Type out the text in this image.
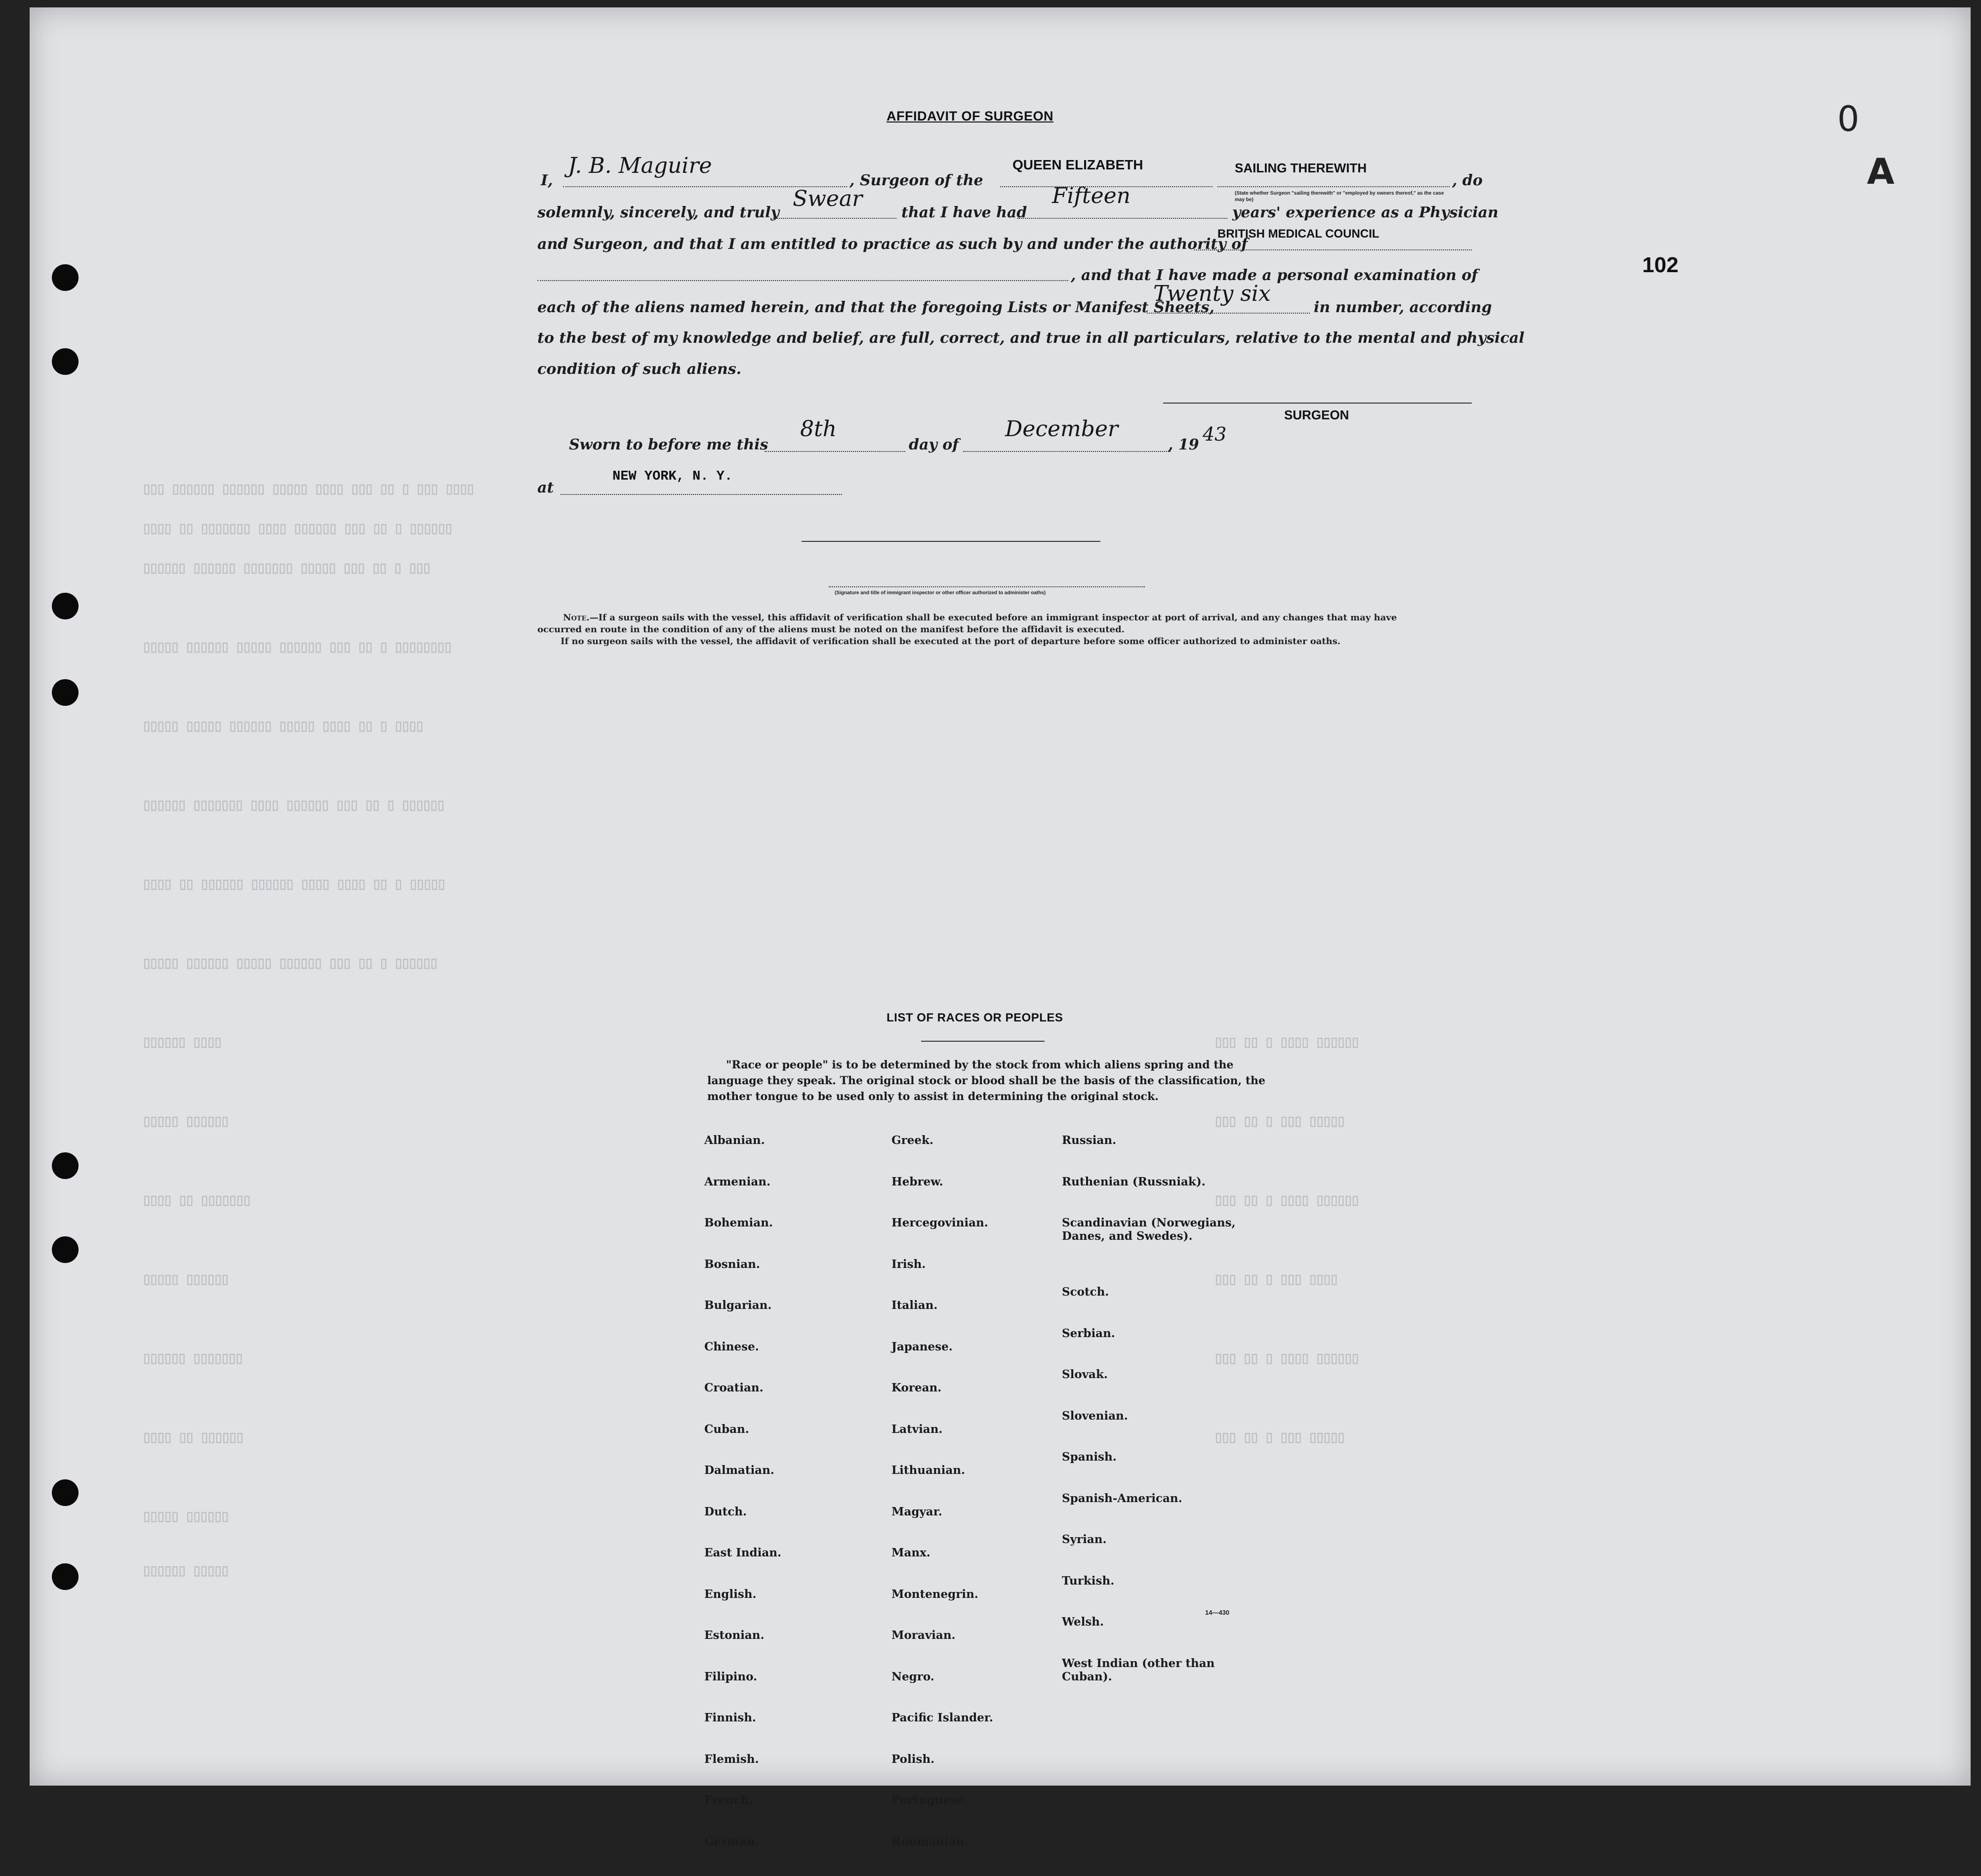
▯▯▯ ▯▯▯▯▯▯ ▯▯▯▯▯▯ ▯▯▯▯▯ ▯▯▯▯ ▯▯▯ ▯▯ ▯ ▯▯▯ ▯▯▯▯
▯▯▯▯ ▯▯ ▯▯▯▯▯▯▯ ▯▯▯▯ ▯▯▯▯▯▯ ▯▯▯ ▯▯ ▯ ▯▯▯▯▯▯
▯▯▯▯▯▯ ▯▯▯▯▯▯ ▯▯▯▯▯▯▯ ▯▯▯▯▯ ▯▯▯ ▯▯ ▯ ▯▯▯
▯▯▯▯▯ ▯▯▯▯▯▯ ▯▯▯▯▯ ▯▯▯▯▯▯ ▯▯▯ ▯▯ ▯ ▯▯▯▯▯▯▯▯
▯▯▯▯▯ ▯▯▯▯▯ ▯▯▯▯▯▯ ▯▯▯▯▯ ▯▯▯▯ ▯▯ ▯ ▯▯▯▯
▯▯▯▯▯▯ ▯▯▯▯▯▯▯ ▯▯▯▯ ▯▯▯▯▯▯ ▯▯▯ ▯▯ ▯ ▯▯▯▯▯▯
▯▯▯▯ ▯▯ ▯▯▯▯▯▯ ▯▯▯▯▯▯ ▯▯▯▯ ▯▯▯▯ ▯▯ ▯ ▯▯▯▯▯
▯▯▯▯▯ ▯▯▯▯▯▯ ▯▯▯▯▯ ▯▯▯▯▯▯ ▯▯▯ ▯▯ ▯ ▯▯▯▯▯▯
▯▯▯▯▯▯ ▯▯▯▯
▯▯▯▯▯ ▯▯▯▯▯▯
▯▯▯▯ ▯▯ ▯▯▯▯▯▯▯
▯▯▯▯▯ ▯▯▯▯▯▯
▯▯▯▯▯▯ ▯▯▯▯▯▯▯
▯▯▯▯ ▯▯ ▯▯▯▯▯▯
▯▯▯▯▯ ▯▯▯▯▯▯
▯▯▯▯▯▯ ▯▯▯▯▯
▯▯▯ ▯▯ ▯ ▯▯▯▯ ▯▯▯▯▯▯
▯▯▯ ▯▯ ▯ ▯▯▯ ▯▯▯▯▯
▯▯▯ ▯▯ ▯ ▯▯▯▯ ▯▯▯▯▯▯
▯▯▯ ▯▯ ▯ ▯▯▯ ▯▯▯▯
▯▯▯ ▯▯ ▯ ▯▯▯▯ ▯▯▯▯▯▯
▯▯▯ ▯▯ ▯ ▯▯▯ ▯▯▯▯▯
0
A
102
AFFIDAVIT OF SURGEON
I,
J. B. Maguire
, Surgeon of the
QUEEN ELIZABETH	SAILING THEREWITH
(State whether Surgeon "sailing therewith" or "employed by owners thereof," as the case may be)
, do
solemnly, sincerely, and truly
Swear
that I have had
Fifteen
years' experience as a Physician
and Surgeon, and that I am entitled to practice as such by and under the authority of
BRITISH MEDICAL COUNCIL
, and that I have made a personal examination of
each of the aliens named herein, and that the foregoing Lists or Manifest Sheets,
Twenty six
in number, according
to the best of my knowledge and belief, are full, correct, and true in all particulars, relative to the mental and physical
condition of such aliens.
SURGEON
Sworn to before me this
8th
day of
December
, 19 43
at
NEW YORK, N. Y.
(Signature and title of immigrant inspector or other officer authorized to administer oaths)
Note.—If a surgeon sails with the vessel, this affidavit of verification shall be executed before an immigrant inspector at port of arrival, and any changes that may have
occurred en route in the condition of any of the aliens must be noted on the manifest before the affidavit is executed.
If no surgeon sails with the vessel, the affidavit of verification shall be executed at the port of departure before some officer authorized to administer oaths.
LIST OF RACES OR PEOPLES
"Race or people" is to be determined by the stock from which aliens spring and the language they speak. The original stock or blood shall be the basis of the classification, the mother tongue to be used only to assist in determining the original stock.

Albanian.

Armenian.

Bohemian.

Bosnian.

Bulgarian.

Chinese.

Croatian.

Cuban.

Dalmatian.

Dutch.

East Indian.

English.

Estonian.

Filipino.

Finnish.

Flemish.

French.

German.

Greek.

Hebrew.

Hercegovinian.

Irish.

Italian.

Japanese.

Korean.

Latvian.

Lithuanian.

Magyar.

Manx.

Montenegrin.

Moravian.

Negro.

Pacific Islander.

Polish.

Portuguese.

Roumanian.

Russian.

Ruthenian (Russniak).

Scandinavian (Norwegians,
Danes, and Swedes).

Scotch.

Serbian.

Slovak.

Slovenian.

Spanish.

Spanish-American.

Syrian.

Turkish.

Welsh.

West Indian (other than
Cuban).

14—430
